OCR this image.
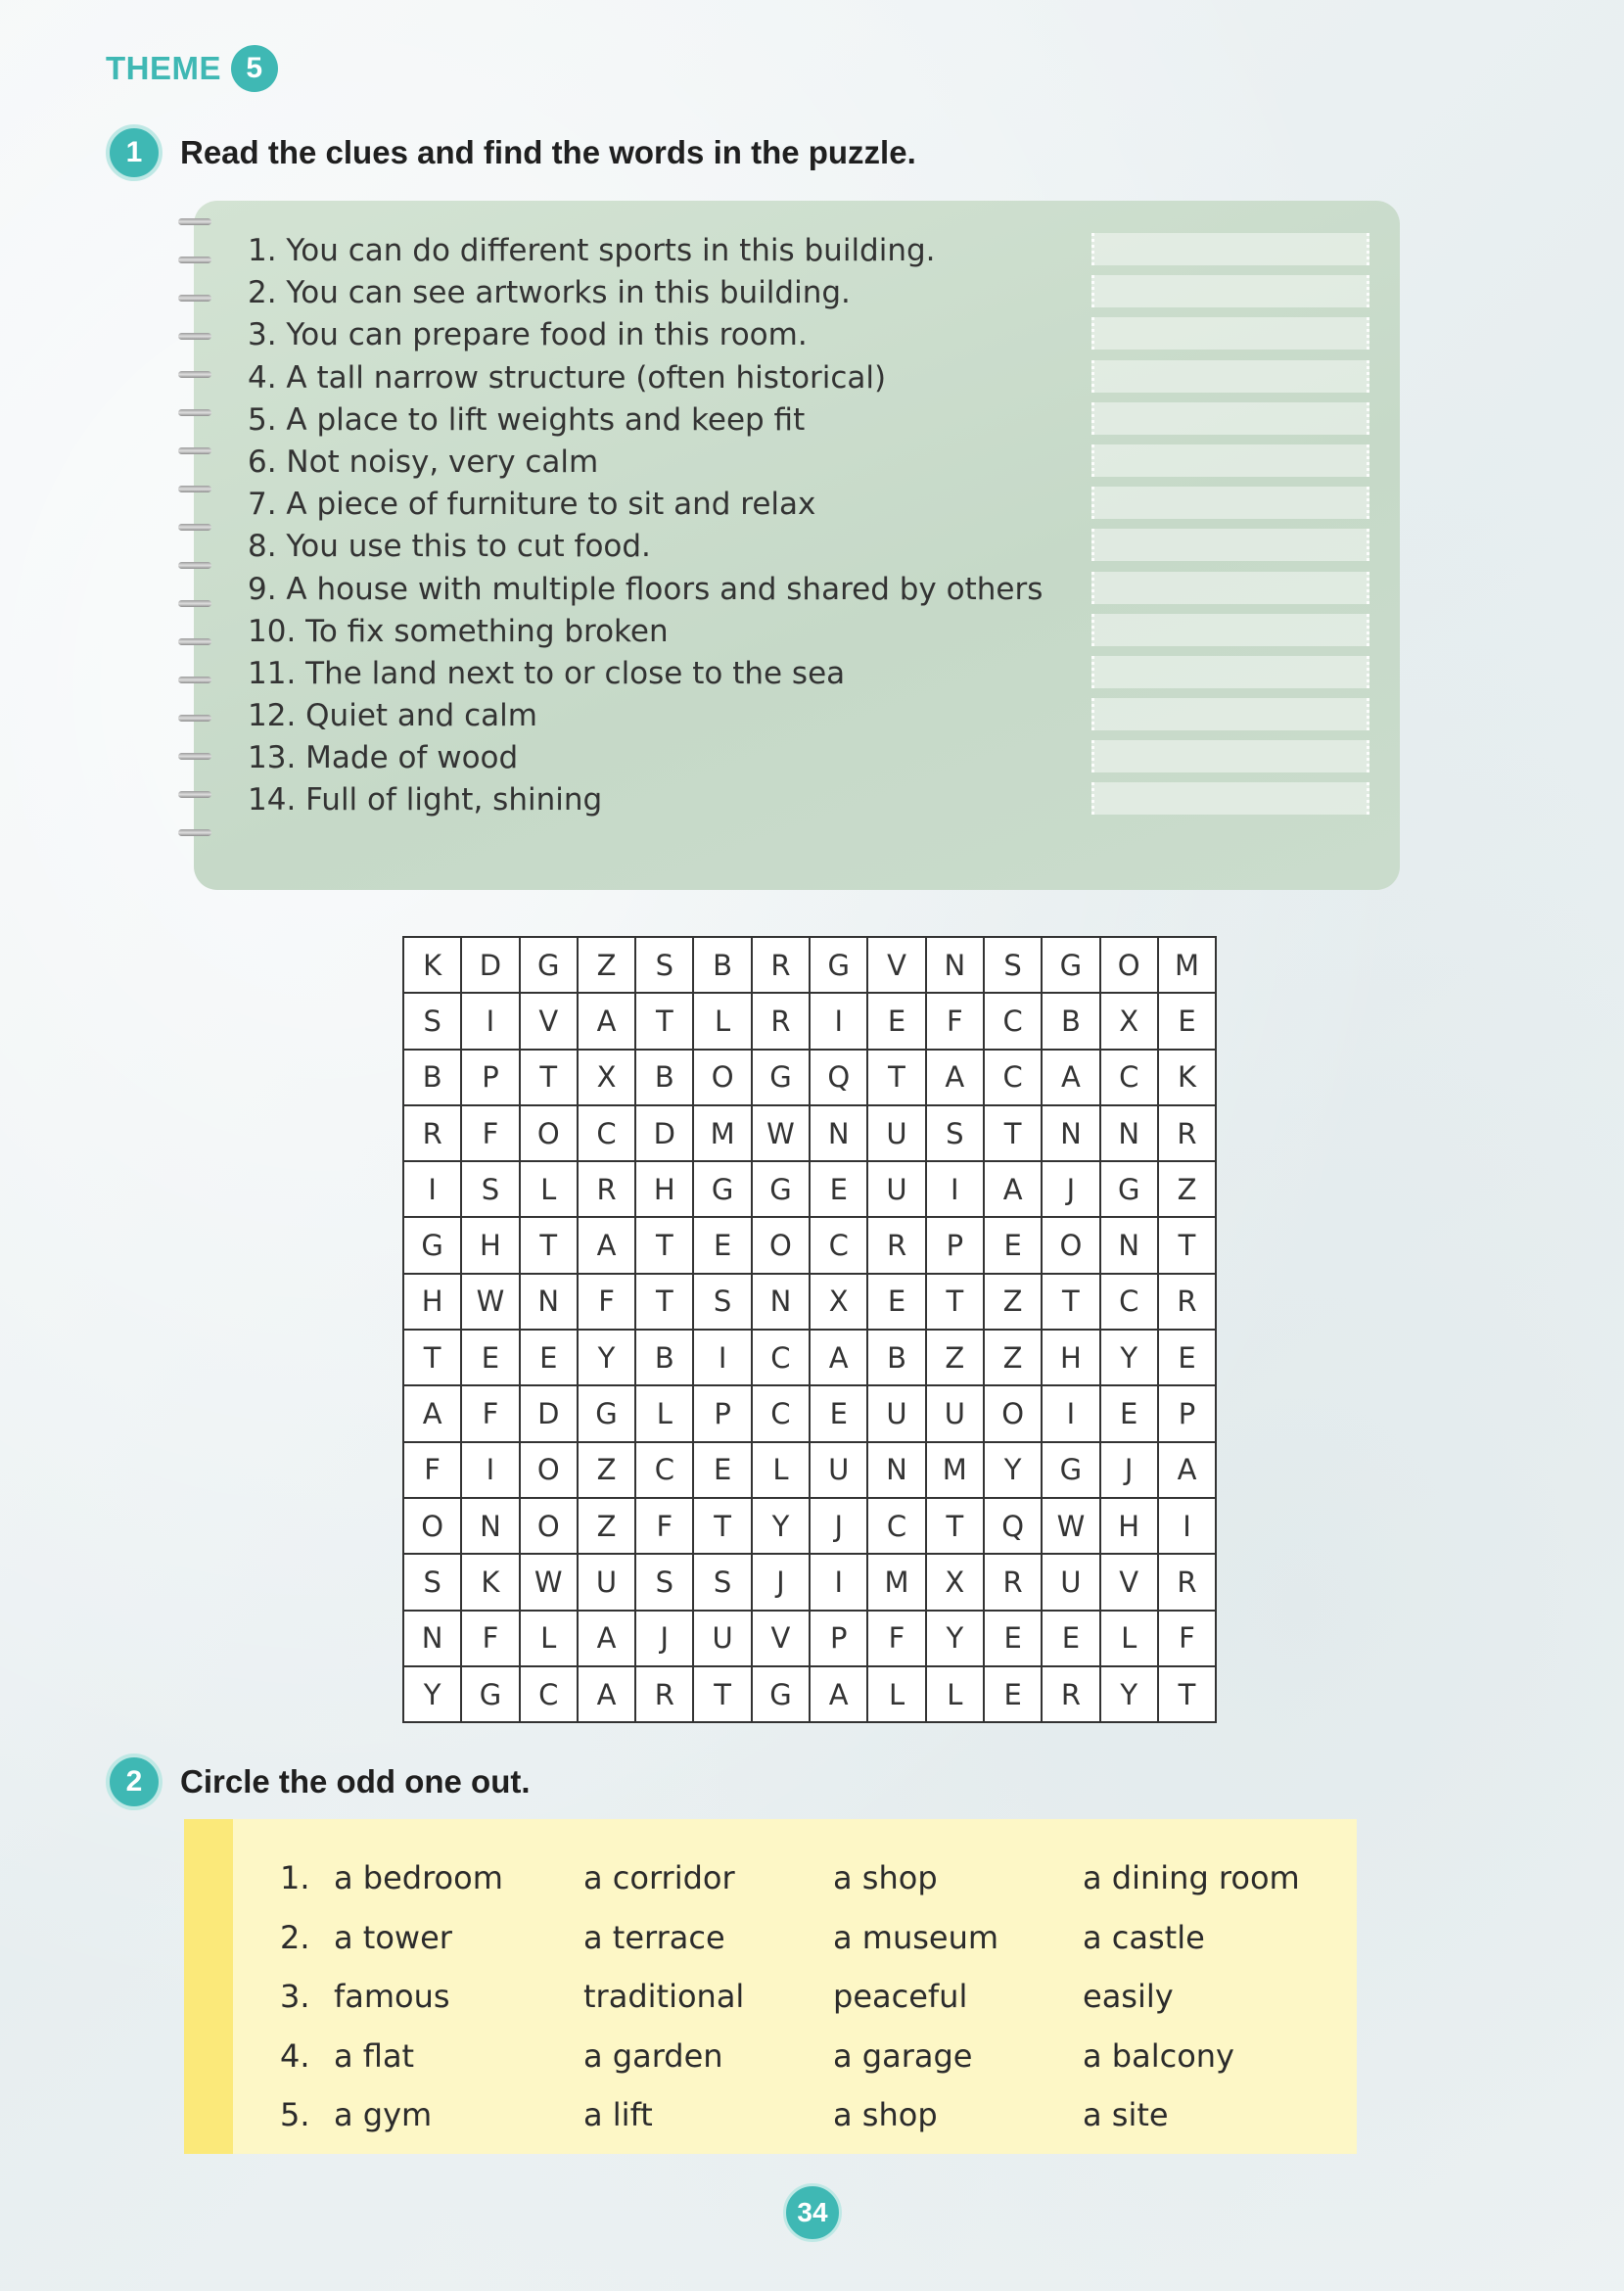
THEME 5
1	Read the clues and find the words in the puzzle.
1. You can do different sports in this building.
2. You can see artworks in this building.
3. You can prepare food in this room.
4. A tall narrow structure (often historical)
5. A place to lift weights and keep fit
6. Not noisy, very calm
7. A piece of furniture to sit and relax
8. You use this to cut food.
9. A house with multiple floors and shared by others
10. To fix something broken
11. The land next to or close to the sea
12. Quiet and calm
13. Made of wood
14. Full of light, shining
K	D	G	Z	S	B	R	G	V	N	S	G	O	M
S	I	V	A	T	L	R	I	E	F	C	B	X	E
B	P	T	X	B	O	G	Q	T	A	C	A	C	K
R	F	O	C	D	M	W	N	U	S	T	N	N	R
I	S	L	R	H	G	G	E	U	I	A	J	G	Z
G	H	T	A	T	E	O	C	R	P	E	O	N	T
H	W	N	F	T	S	N	X	E	T	Z	T	C	R
T	E	E	Y	B	I	C	A	B	Z	Z	H	Y	E
A	F	D	G	L	P	C	E	U	U	O	I	E	P
F	I	O	Z	C	E	L	U	N	M	Y	G	J	A
O	N	O	Z	F	T	Y	J	C	T	Q	W	H	I
S	K	W	U	S	S	J	I	M	X	R	U	V	R
N	F	L	A	J	U	V	P	F	Y	E	E	L	F
Y	G	C	A	R	T	G	A	L	L	E	R	Y	T
2	Circle the odd one out.
1. a bedroom	a corridor	a shop	a dining room
2. a tower	a terrace	a museum	a castle
3. famous	traditional	peaceful	easily
4. a flat	a garden	a garage	a balcony
5. a gym	a lift	a shop	a site
34
